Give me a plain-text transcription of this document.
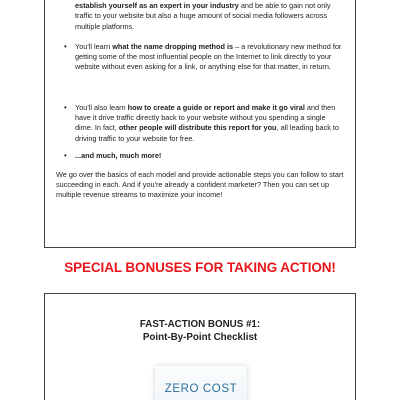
establish yourself as an expert in your industry and be able to gain not only traffic to your website but also a huge amount of social media followers across multiple platforms.
• You'll learn what the name dropping method is – a revolutionary new method for getting some of the most influential people on the Internet to link directly to your website without even asking for a link, or anything else for that matter, in return.
• You'll also learn how to create a guide or report and make it go viral and then have it drive traffic directly back to your website without you spending a single dime. In fact, other people will distribute this report for you, all leading back to driving traffic to your website for free.
• ...and much, much more!

We go over the basics of each model and provide actionable steps you can follow to start succeeding in each. And if you're already a confident marketer? Then you can set up multiple revenue streams to maximize your income!

SPECIAL BONUSES FOR TAKING ACTION!
FAST-ACTION BONUS #1:
Point-By-Point Checklist
ZERO COST
